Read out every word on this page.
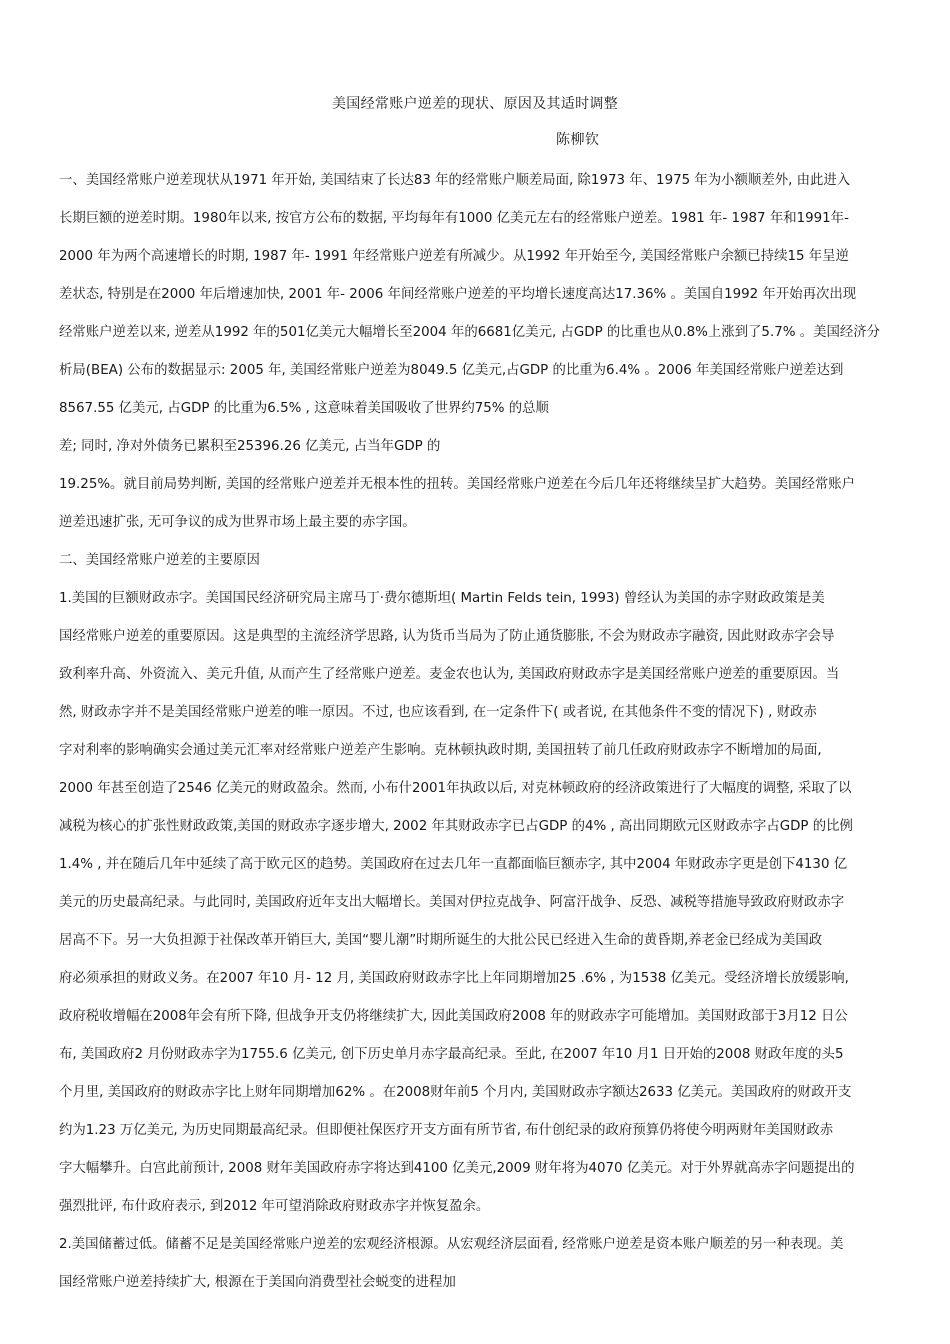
美国经常账户逆差的现状、原因及其适时调整
陈柳钦
一、美国经常账户逆差现状从1971 年开始, 美国结束了长达83 年的经常账户顺差局面, 除1973 年、1975 年为小额顺差外, 由此进入
长期巨额的逆差时期。1980年以来, 按官方公布的数据, 平均每年有1000 亿美元左右的经常账户逆差。1981 年- 1987 年和1991年-
2000 年为两个高速增长的时期, 1987 年- 1991 年经常账户逆差有所减少。从1992 年开始至今, 美国经常账户余额已持续15 年呈逆
差状态, 特别是在2000 年后增速加快, 2001 年- 2006 年间经常账户逆差的平均增长速度高达17.36% 。美国自1992 年开始再次出现
经常账户逆差以来, 逆差从1992 年的501亿美元大幅增长至2004 年的6681亿美元, 占GDP 的比重也从0.8%上涨到了5.7% 。美国经济分
析局(BEA) 公布的数据显示: 2005 年, 美国经常账户逆差为8049.5 亿美元,占GDP 的比重为6.4% 。2006 年美国经常账户逆差达到
8567.55 亿美元, 占GDP 的比重为6.5% , 这意味着美国吸收了世界约75% 的总顺
差; 同时, 净对外债务已累积至25396.26 亿美元, 占当年GDP 的
19.25%。就目前局势判断, 美国的经常账户逆差并无根本性的扭转。美国经常账户逆差在今后几年还将继续呈扩大趋势。美国经常账户
逆差迅速扩张, 无可争议的成为世界市场上最主要的赤字国。
二、美国经常账户逆差的主要原因
1.美国的巨额财政赤字。美国国民经济研究局主席马丁·费尔德斯坦( Martin Felds tein, 1993) 曾经认为美国的赤字财政政策是美
国经常账户逆差的重要原因。这是典型的主流经济学思路, 认为货币当局为了防止通货膨胀, 不会为财政赤字融资, 因此财政赤字会导
致利率升高、外资流入、美元升值, 从而产生了经常账户逆差。麦金农也认为, 美国政府财政赤字是美国经常账户逆差的重要原因。当
然, 财政赤字并不是美国经常账户逆差的唯一原因。不过, 也应该看到, 在一定条件下( 或者说, 在其他条件不变的情况下) , 财政赤
字对利率的影响确实会通过美元汇率对经常账户逆差产生影响。克林顿执政时期, 美国扭转了前几任政府财政赤字不断增加的局面,
2000 年甚至创造了2546 亿美元的财政盈余。然而, 小布什2001年执政以后, 对克林顿政府的经济政策进行了大幅度的调整, 采取了以
减税为核心的扩张性财政政策,美国的财政赤字逐步增大, 2002 年其财政赤字已占GDP 的4% , 高出同期欧元区财政赤字占GDP 的比例
1.4% , 并在随后几年中延续了高于欧元区的趋势。美国政府在过去几年一直都面临巨额赤字, 其中2004 年财政赤字更是创下4130 亿
美元的历史最高纪录。与此同时, 美国政府近年支出大幅增长。美国对伊拉克战争、阿富汗战争、反恐、减税等措施导致政府财政赤字
居高不下。另一大负担源于社保改革开销巨大, 美国“婴儿潮”时期所诞生的大批公民已经进入生命的黄昏期,养老金已经成为美国政
府必须承担的财政义务。在2007 年10 月- 12 月, 美国政府财政赤字比上年同期增加25 .6% , 为1538 亿美元。受经济增长放缓影响,
政府税收增幅在2008年会有所下降, 但战争开支仍将继续扩大, 因此美国政府2008 年的财政赤字可能增加。美国财政部于3月12 日公
布, 美国政府2 月份财政赤字为1755.6 亿美元, 创下历史单月赤字最高纪录。至此, 在2007 年10 月1 日开始的2008 财政年度的头5
个月里, 美国政府的财政赤字比上财年同期增加62% 。在2008财年前5 个月内, 美国财政赤字额达2633 亿美元。美国政府的财政开支
约为1.23 万亿美元, 为历史同期最高纪录。但即便社保医疗开支方面有所节省, 布什创纪录的政府预算仍将使今明两财年美国财政赤
字大幅攀升。白宫此前预计, 2008 财年美国政府赤字将达到4100 亿美元,2009 财年将为4070 亿美元。对于外界就高赤字问题提出的
强烈批评, 布什政府表示, 到2012 年可望消除政府财政赤字并恢复盈余。
2.美国储蓄过低。储蓄不足是美国经常账户逆差的宏观经济根源。从宏观经济层面看, 经常账户逆差是资本账户顺差的另一种表现。美
国经常账户逆差持续扩大, 根源在于美国向消费型社会蜕变的进程加
